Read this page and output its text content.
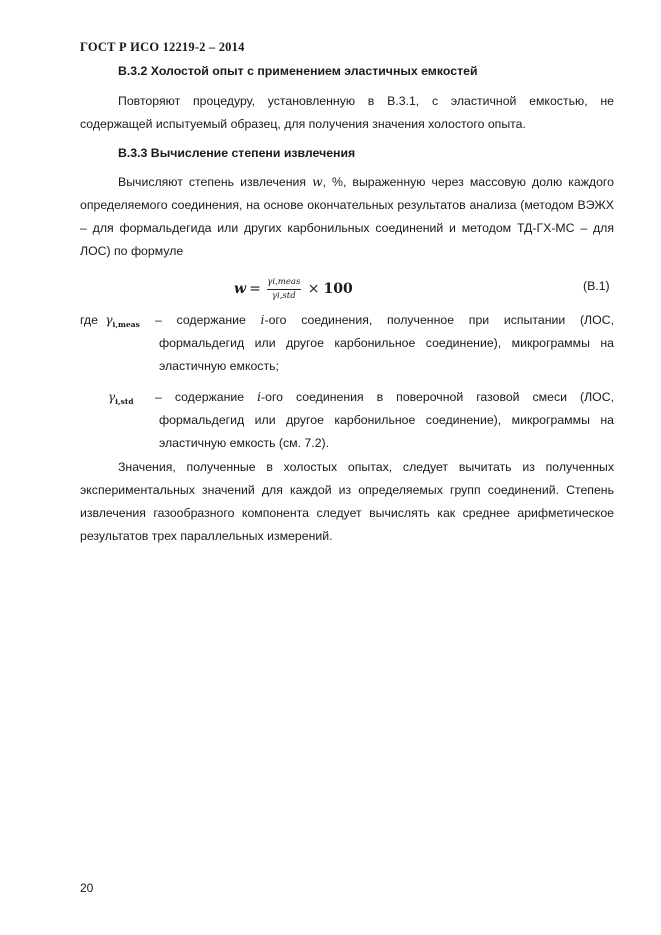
ГОСТ Р ИСО 12219-2 – 2014
В.3.2 Холостой опыт с применением эластичных емкостей
Повторяют процедуру, установленную в В.3.1, с эластичной емкостью, не содержащей испытуемый образец, для получения значения холостого опыта.
В.3.3 Вычисление степени извлечения
Вычисляют степень извлечения w, %, выраженную через массовую долю каждого определяемого соединения, на основе окончательных результатов анализа (методом ВЭЖХ – для формальдегида или других карбонильных соединений и методом ТД-ГХ-МС – для ЛОС) по формуле
$w = \frac{\text{γi,meas}}{\text{γi,std}} \times 100$	(В.1)
где $\gamma_{i,meas}$ – содержание i-ого соединения, полученное при испытании (ЛОС,
формальдегид или другое карбонильное соединение), микрограммы на эластичную емкость;
$\gamma_{i,std}$ – содержание i-ого соединения в поверочной газовой смеси (ЛОС,
формальдегид или другое карбонильное соединение), микрограммы на эластичную емкость (см. 7.2).
Значения, полученные в холостых опытах, следует вычитать из полученных экспериментальных значений для каждой из определяемых групп соединений. Степень извлечения газообразного компонента следует вычислять как среднее арифметическое результатов трех параллельных измерений.
20
